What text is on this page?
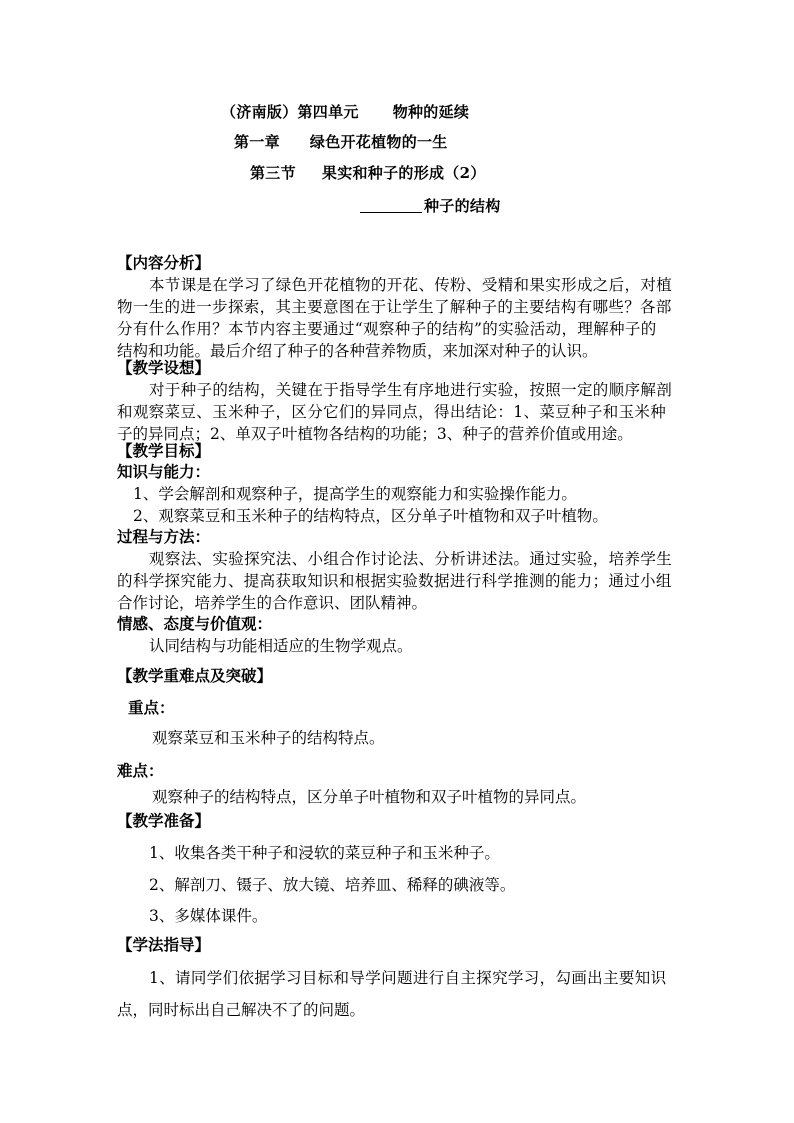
（济南版）第四单元 物种的延续
第一章 绿色开花植物的一生
第三节 果实和种子的形成（2）
种子的结构
【内容分析】
本节课是在学习了绿色开花植物的开花、传粉、受精和果实形成之后，对植
物一生的进一步探索，其主要意图在于让学生了解种子的主要结构有哪些？各部
分有什么作用？本节内容主要通过“观察种子的结构”的实验活动，理解种子的
结构和功能。最后介绍了种子的各种营养物质，来加深对种子的认识。
【教学设想】
对于种子的结构，关键在于指导学生有序地进行实验，按照一定的顺序解剖
和观察菜豆、玉米种子，区分它们的异同点，得出结论：1、菜豆种子和玉米种
子的异同点；2、单双子叶植物各结构的功能；3、种子的营养价值或用途。
【教学目标】
知识与能力：
1、学会解剖和观察种子，提高学生的观察能力和实验操作能力。
2、观察菜豆和玉米种子的结构特点，区分单子叶植物和双子叶植物。
过程与方法：
观察法、实验探究法、小组合作讨论法、分析讲述法。通过实验，培养学生
的科学探究能力、提高获取知识和根据实验数据进行科学推测的能力；通过小组
合作讨论，培养学生的合作意识、团队精神。
情感、态度与价值观：
认同结构与功能相适应的生物学观点。
【教学重难点及突破】
重点：
观察菜豆和玉米种子的结构特点。
难点：
观察种子的结构特点，区分单子叶植物和双子叶植物的异同点。
【教学准备】
1、收集各类干种子和浸软的菜豆种子和玉米种子。
2、解剖刀、镊子、放大镜、培养皿、稀释的碘液等。
3、多媒体课件。
【学法指导】
1、请同学们依据学习目标和导学问题进行自主探究学习，勾画出主要知识
点，同时标出自己解决不了的问题。
